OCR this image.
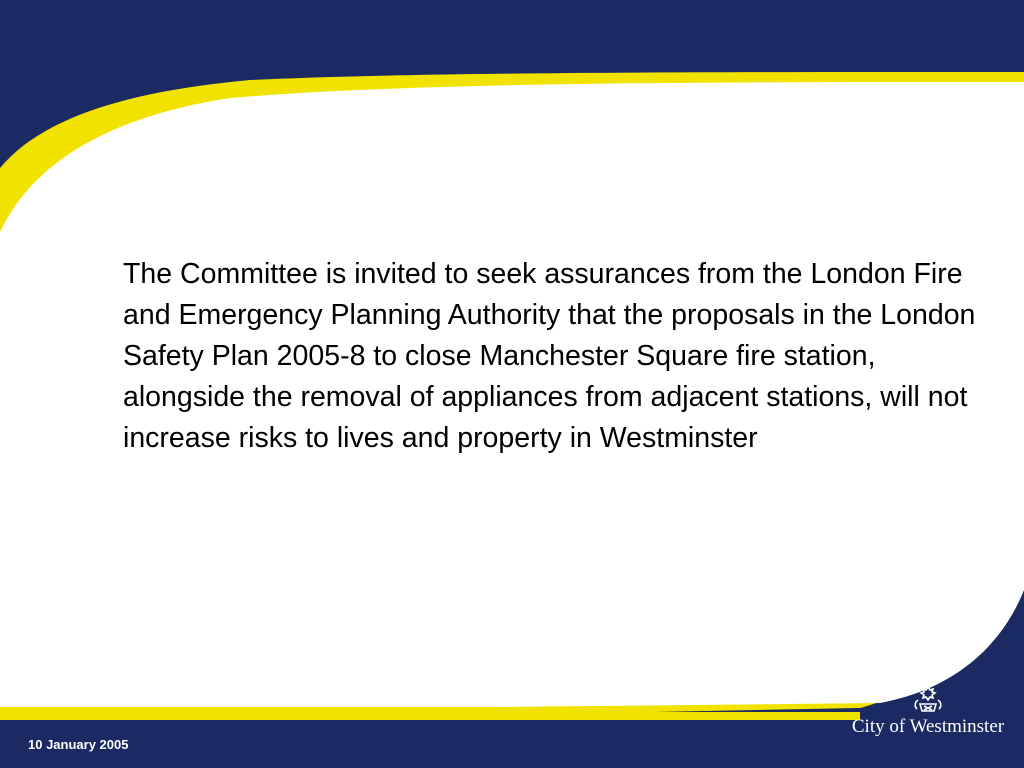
The Committee is invited to seek assurances from the London Fire and Emergency Planning Authority that the proposals in the London Safety Plan 2005-8 to close Manchester Square fire station, alongside the removal of appliances from adjacent stations, will not increase risks to lives and property in Westminster

10 January 2005
City of Westminster
